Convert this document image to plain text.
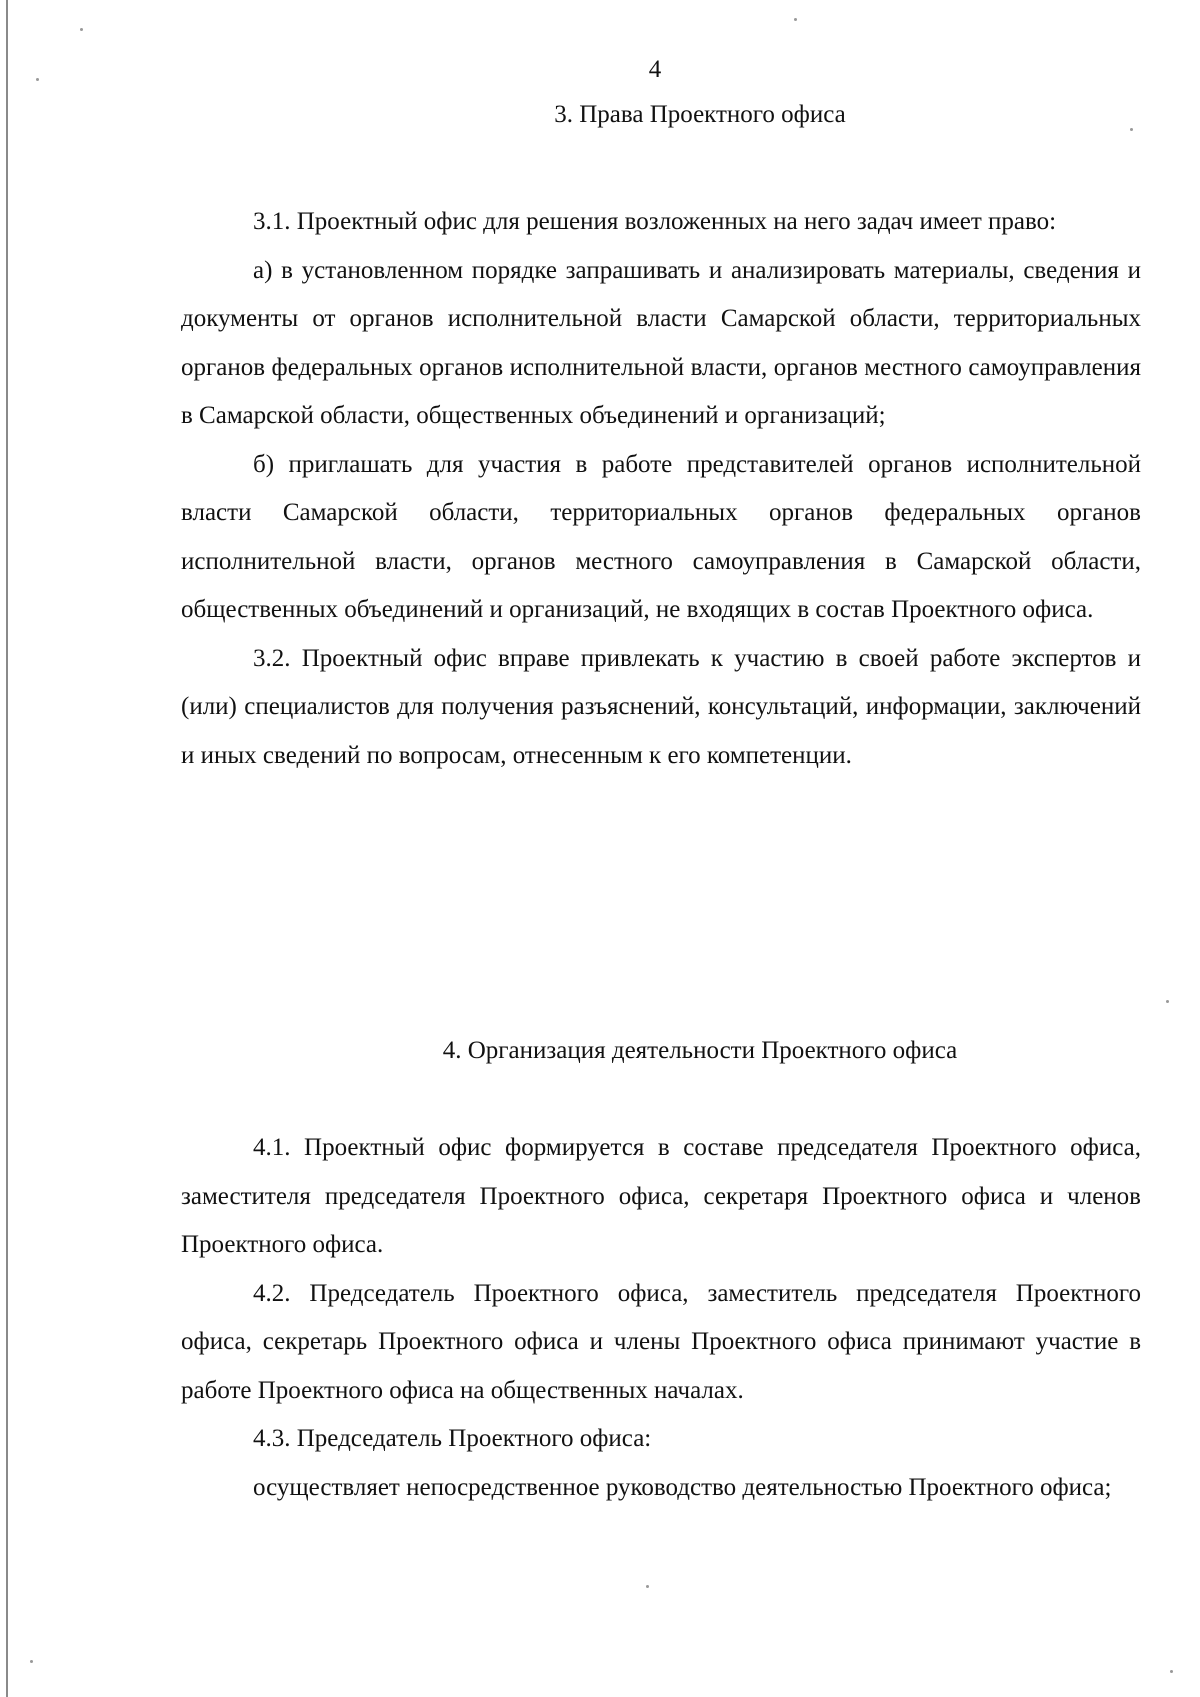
4
3. Права Проектного офиса

3.1. Проектный офис для решения возложенных на него задач имеет право:

а) в установленном порядке запрашивать и анализировать материалы, сведения и документы от органов исполнительной власти Самарской области, территориальных органов федеральных органов исполнительной власти, органов местного самоуправления в Самарской области, общественных объединений и организаций;

б) приглашать для участия в работе представителей органов исполнительной власти Самарской области, территориальных органов федеральных органов исполнительной власти, органов местного самоуправления в Самарской области, общественных объединений и организаций, не входящих в состав Проектного офиса.

3.2. Проектный офис вправе привлекать к участию в своей работе экспертов и (или) специалистов для получения разъяснений, консультаций, информации, заключений и иных сведений по вопросам, отнесенным к его компетенции.

4. Организация деятельности Проектного офиса

4.1. Проектный офис формируется в составе председателя Проектного офиса, заместителя председателя Проектного офиса, секретаря Проектного офиса и членов Проектного офиса.

4.2. Председатель Проектного офиса, заместитель председателя Проектного офиса, секретарь Проектного офиса и члены Проектного офиса принимают участие в работе Проектного офиса на общественных началах.

4.3. Председатель Проектного офиса:

осуществляет непосредственное руководство деятельностью Проектного офиса;
